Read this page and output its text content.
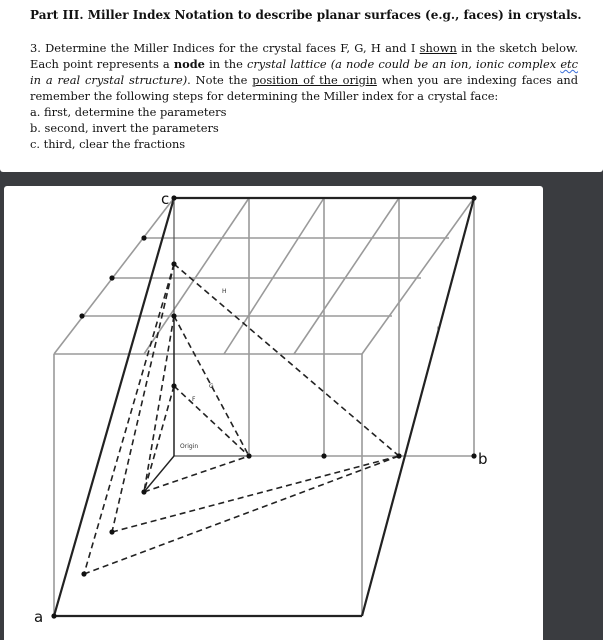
Part III. Miller Index Notation to describe planar surfaces (e.g., faces) in crystals.

3. Determine the Miller Indices for the crystal faces F, G, H and I shown in the sketch below. Each point represents a node in the crystal lattice (a node could be an ion, ionic complex etc in a real crystal structure). Note the position of the origin when you are indexing faces and remember the following steps for determining the Miller index for a crystal face:

a. first, determine the parameters
b. second, invert the parameters
c. third, clear the fractions
c
b
a
Origin
H
G
F
I
